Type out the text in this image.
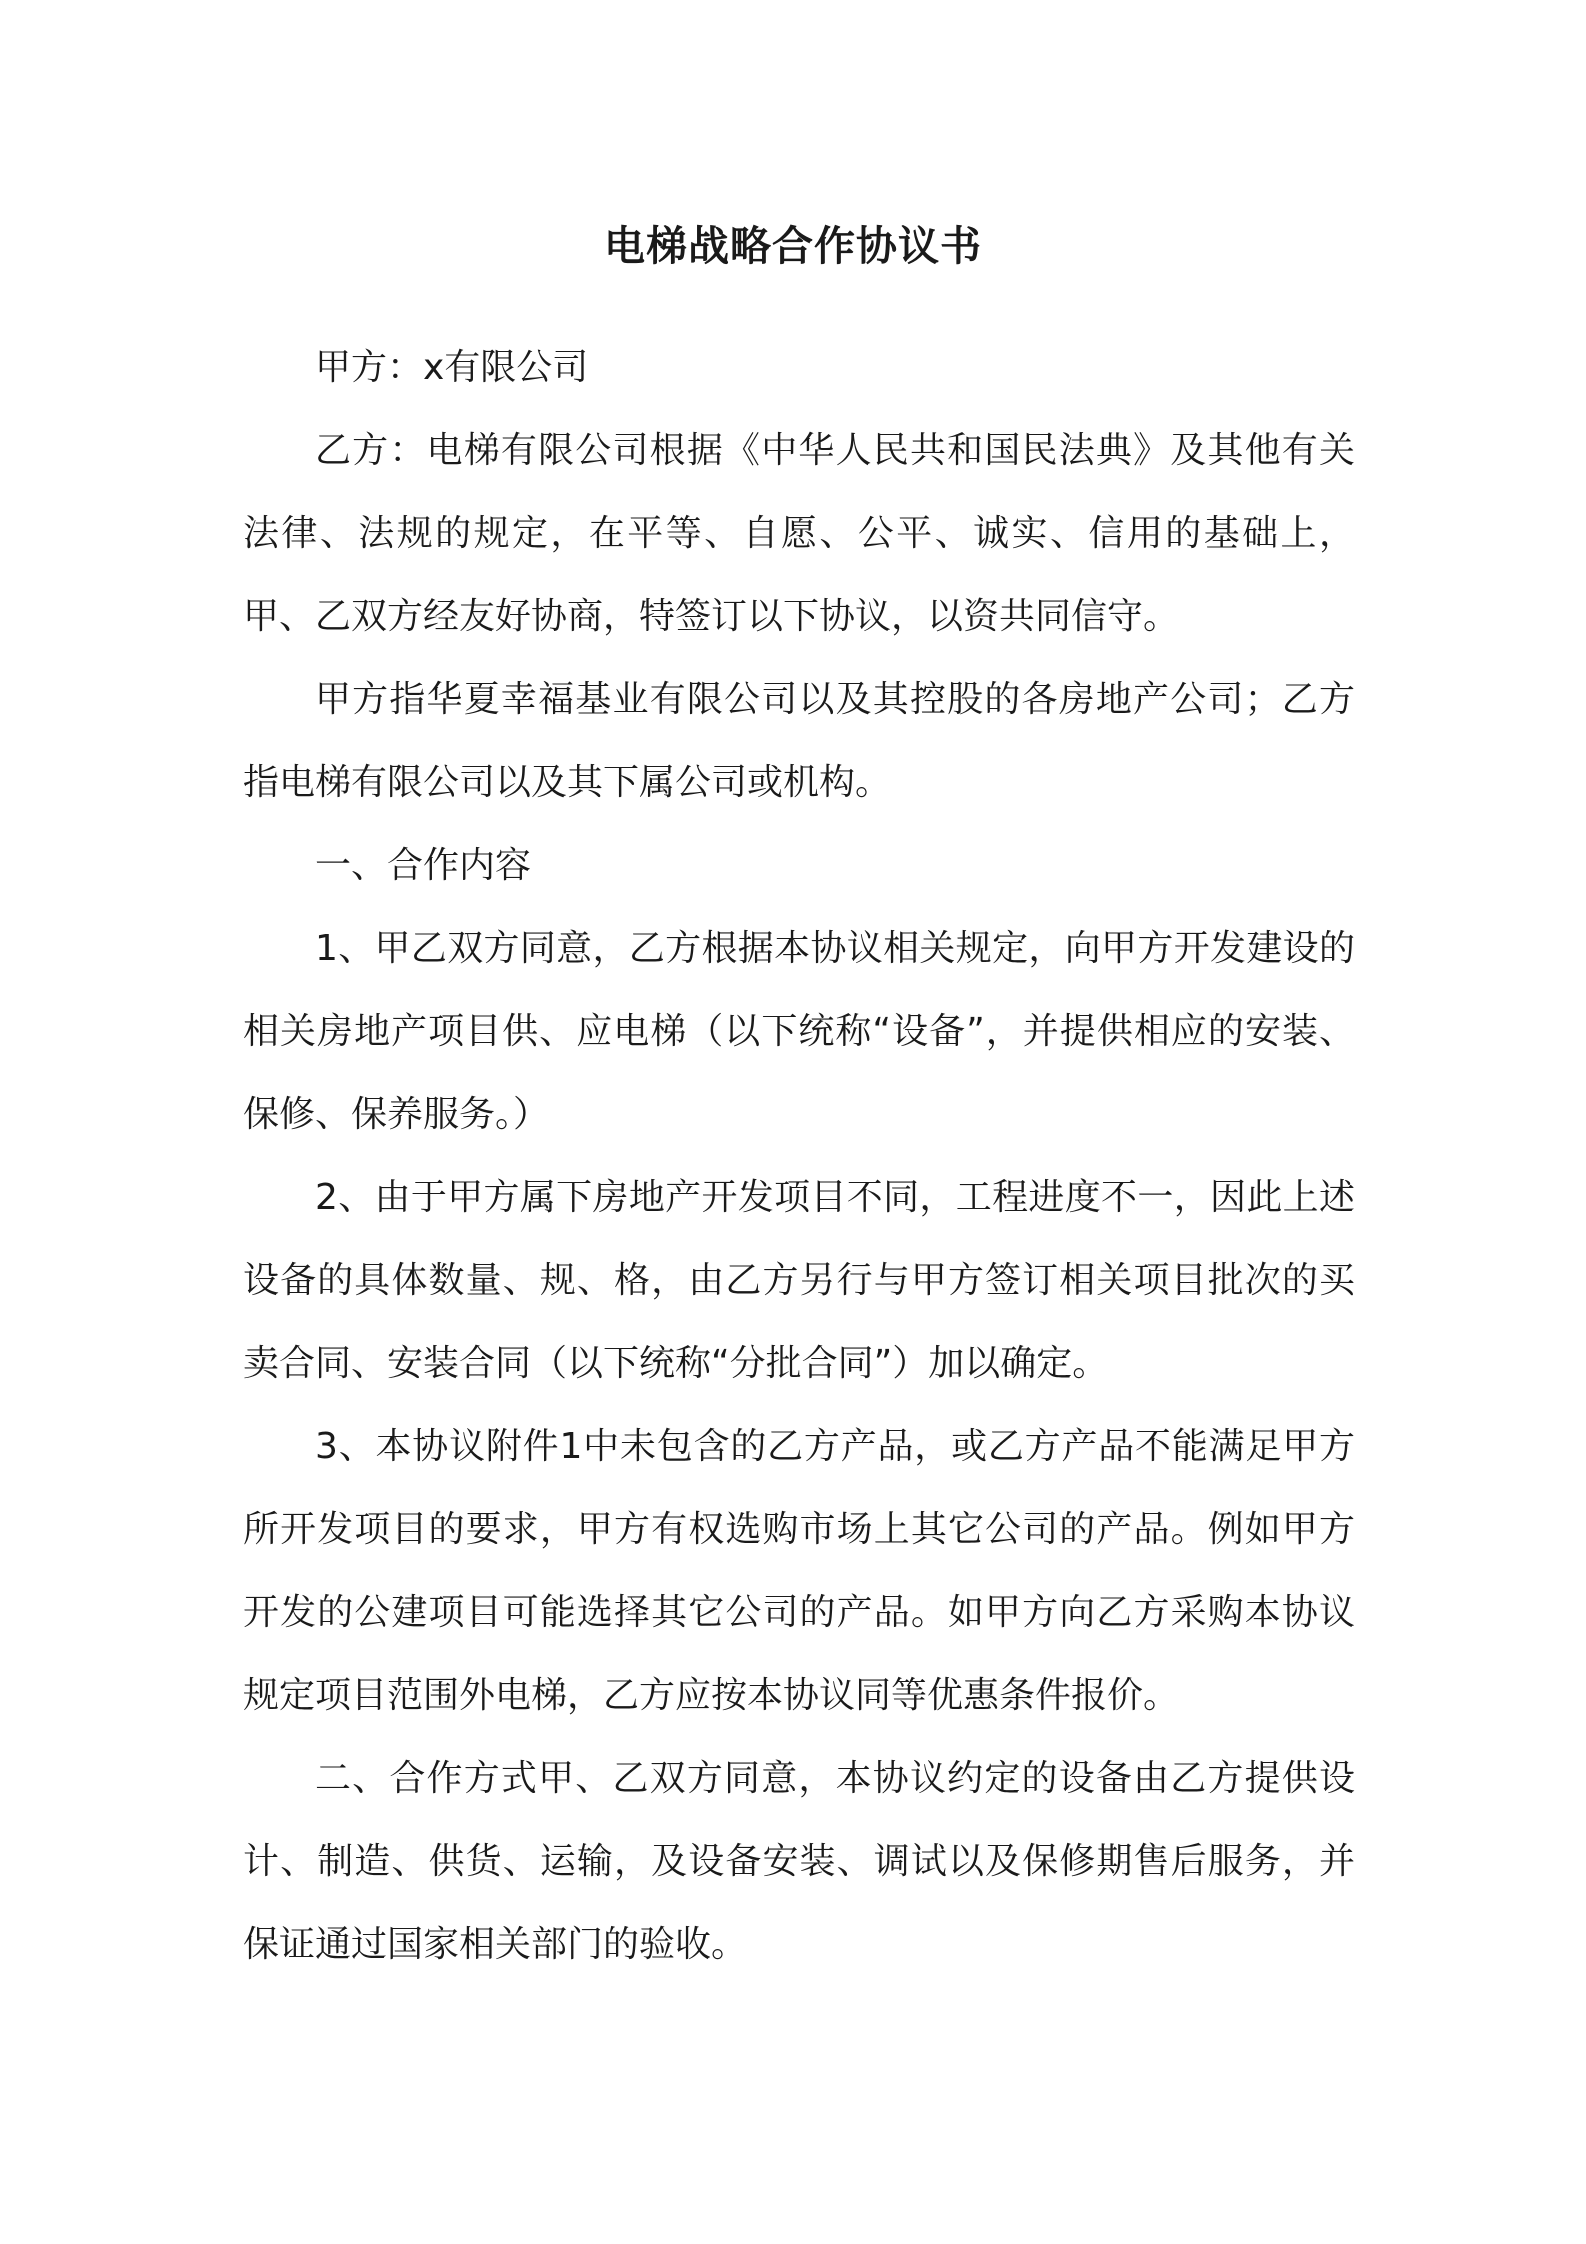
电梯战略合作协议书

甲方：x有限公司

乙方：电梯有限公司根据《中华人民共和国民法典》及其他有关法律、法规的规定，在平等、自愿、公平、诚实、信用的基础上，甲、乙双方经友好协商，特签订以下协议，以资共同信守。

甲方指华夏幸福基业有限公司以及其控股的各房地产公司；乙方指电梯有限公司以及其下属公司或机构。

一、合作内容

1、甲乙双方同意，乙方根据本协议相关规定，向甲方开发建设的相关房地产项目供、应电梯（以下统称“设备”，并提供相应的安装、保修、保养服务。）

2、由于甲方属下房地产开发项目不同，工程进度不一，因此上述设备的具体数量、规、格，由乙方另行与甲方签订相关项目批次的买卖合同、安装合同（以下统称“分批合同”）加以确定。

3、本协议附件1中未包含的乙方产品，或乙方产品不能满足甲方所开发项目的要求，甲方有权选购市场上其它公司的产品。例如甲方开发的公建项目可能选择其它公司的产品。如甲方向乙方采购本协议规定项目范围外电梯，乙方应按本协议同等优惠条件报价。

二、合作方式甲、乙双方同意，本协议约定的设备由乙方提供设计、制造、供货、运输，及设备安装、调试以及保修期售后服务，并保证通过国家相关部门的验收。
